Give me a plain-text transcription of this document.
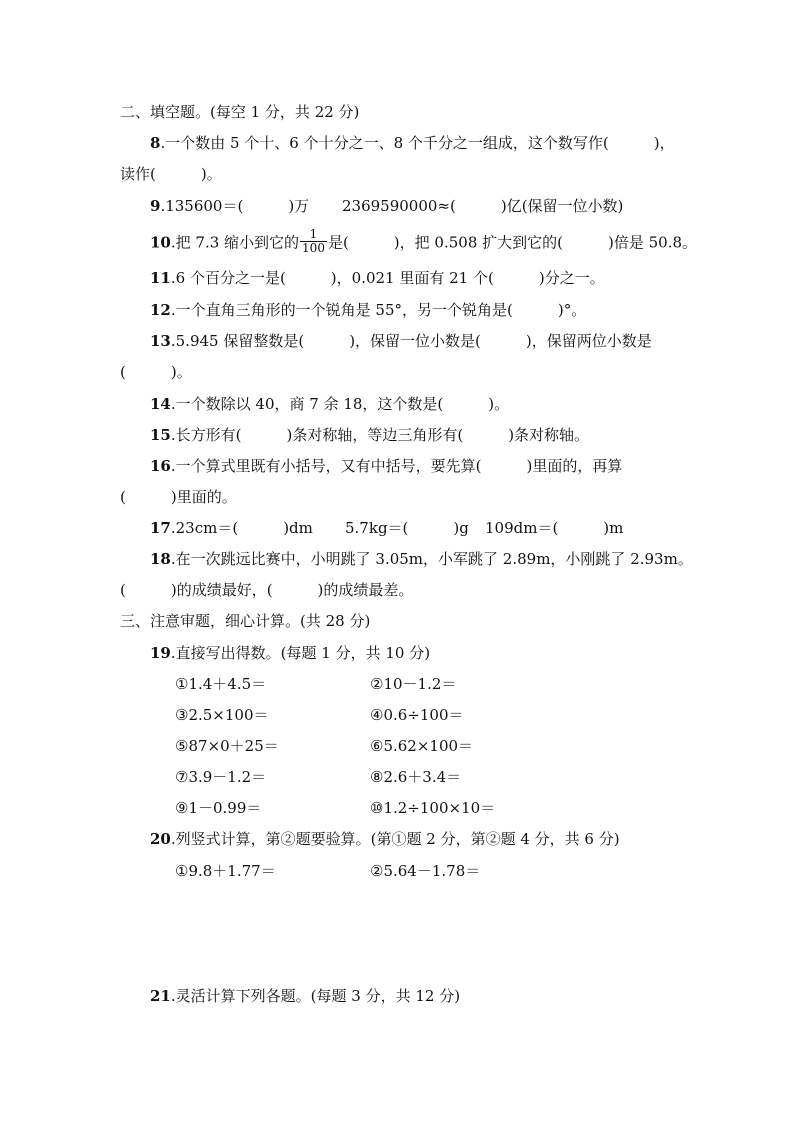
二、填空题。(每空 1 分，共 22 分)
8.一个数由 5 个十、6 个十分之一、8 个千分之一组成，这个数写作(　　　)，
读作(　　　)。
9.135600＝(　　　)万 2369590000≈(　　　)亿(保留一位小数)
10.把 7.3 缩小到它的 $\frac{1}{100}$ 是(　　　)，把 0.508 扩大到它的(　　　)倍是 50.8。
11.6 个百分之一是(　　　)，0.021 里面有 21 个(　　　)分之一。
12.一个直角三角形的一个锐角是 55°，另一个锐角是(　　　)°。
13.5.945 保留整数是(　　　)，保留一位小数是(　　　)，保留两位小数是
(　　　)。
14.一个数除以 40，商 7 余 18，这个数是(　　　)。
15.长方形有(　　　)条对称轴，等边三角形有(　　　)条对称轴。
16.一个算式里既有小括号，又有中括号，要先算(　　　)里面的，再算
(　　　)里面的。
17.23cm＝(　　　)dm 5.7kg＝(　　　)g 109dm＝(　　　)m
18.在一次跳远比赛中，小明跳了 3.05m，小军跳了 2.89m，小刚跳了 2.93m。
(　　　)的成绩最好，(　　　)的成绩最差。
三、注意审题，细心计算。(共 28 分)
19.直接写出得数。(每题 1 分，共 10 分)
①1.4＋4.5＝	②10－1.2＝
③2.5×100＝	④0.6÷100＝
⑤87×0＋25＝	⑥5.62×100＝
⑦3.9－1.2＝	⑧2.6＋3.4＝
⑨1－0.99＝	⑩1.2÷100×10＝
20.列竖式计算，第②题要验算。(第①题 2 分，第②题 4 分，共 6 分)
①9.8＋1.77＝	②5.64－1.78＝
21.灵活计算下列各题。(每题 3 分，共 12 分)
